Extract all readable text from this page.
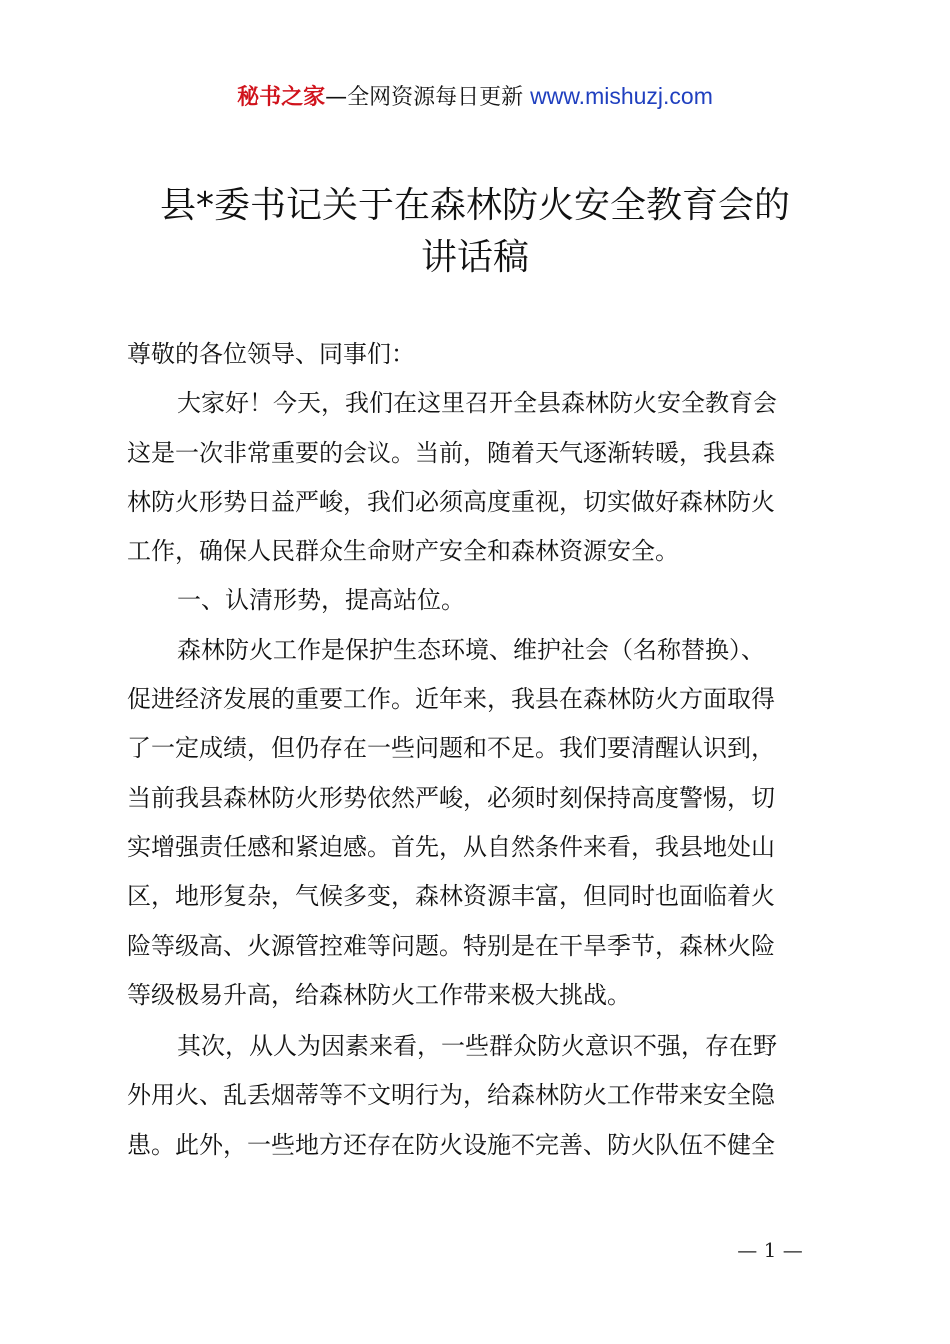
秘书之家—全网资源每日更新 www.mishuzj.com
县*委书记关于在森林防火安全教育会的
讲话稿
尊敬的各位领导、同事们：
大家好！今天，我们在这里召开全县森林防火安全教育会
这是一次非常重要的会议。当前，随着天气逐渐转暖，我县森
林防火形势日益严峻，我们必须高度重视，切实做好森林防火
工作，确保人民群众生命财产安全和森林资源安全。
一、认清形势，提高站位。
森林防火工作是保护生态环境、维护社会（名称替换）、
促进经济发展的重要工作。近年来，我县在森林防火方面取得
了一定成绩，但仍存在一些问题和不足。我们要清醒认识到，
当前我县森林防火形势依然严峻，必须时刻保持高度警惕，切
实增强责任感和紧迫感。首先，从自然条件来看，我县地处山
区，地形复杂，气候多变，森林资源丰富，但同时也面临着火
险等级高、火源管控难等问题。特别是在干旱季节，森林火险
等级极易升高，给森林防火工作带来极大挑战。
其次，从人为因素来看，一些群众防火意识不强，存在野
外用火、乱丢烟蒂等不文明行为，给森林防火工作带来安全隐
患。此外，一些地方还存在防火设施不完善、防火队伍不健全
— 1 —
